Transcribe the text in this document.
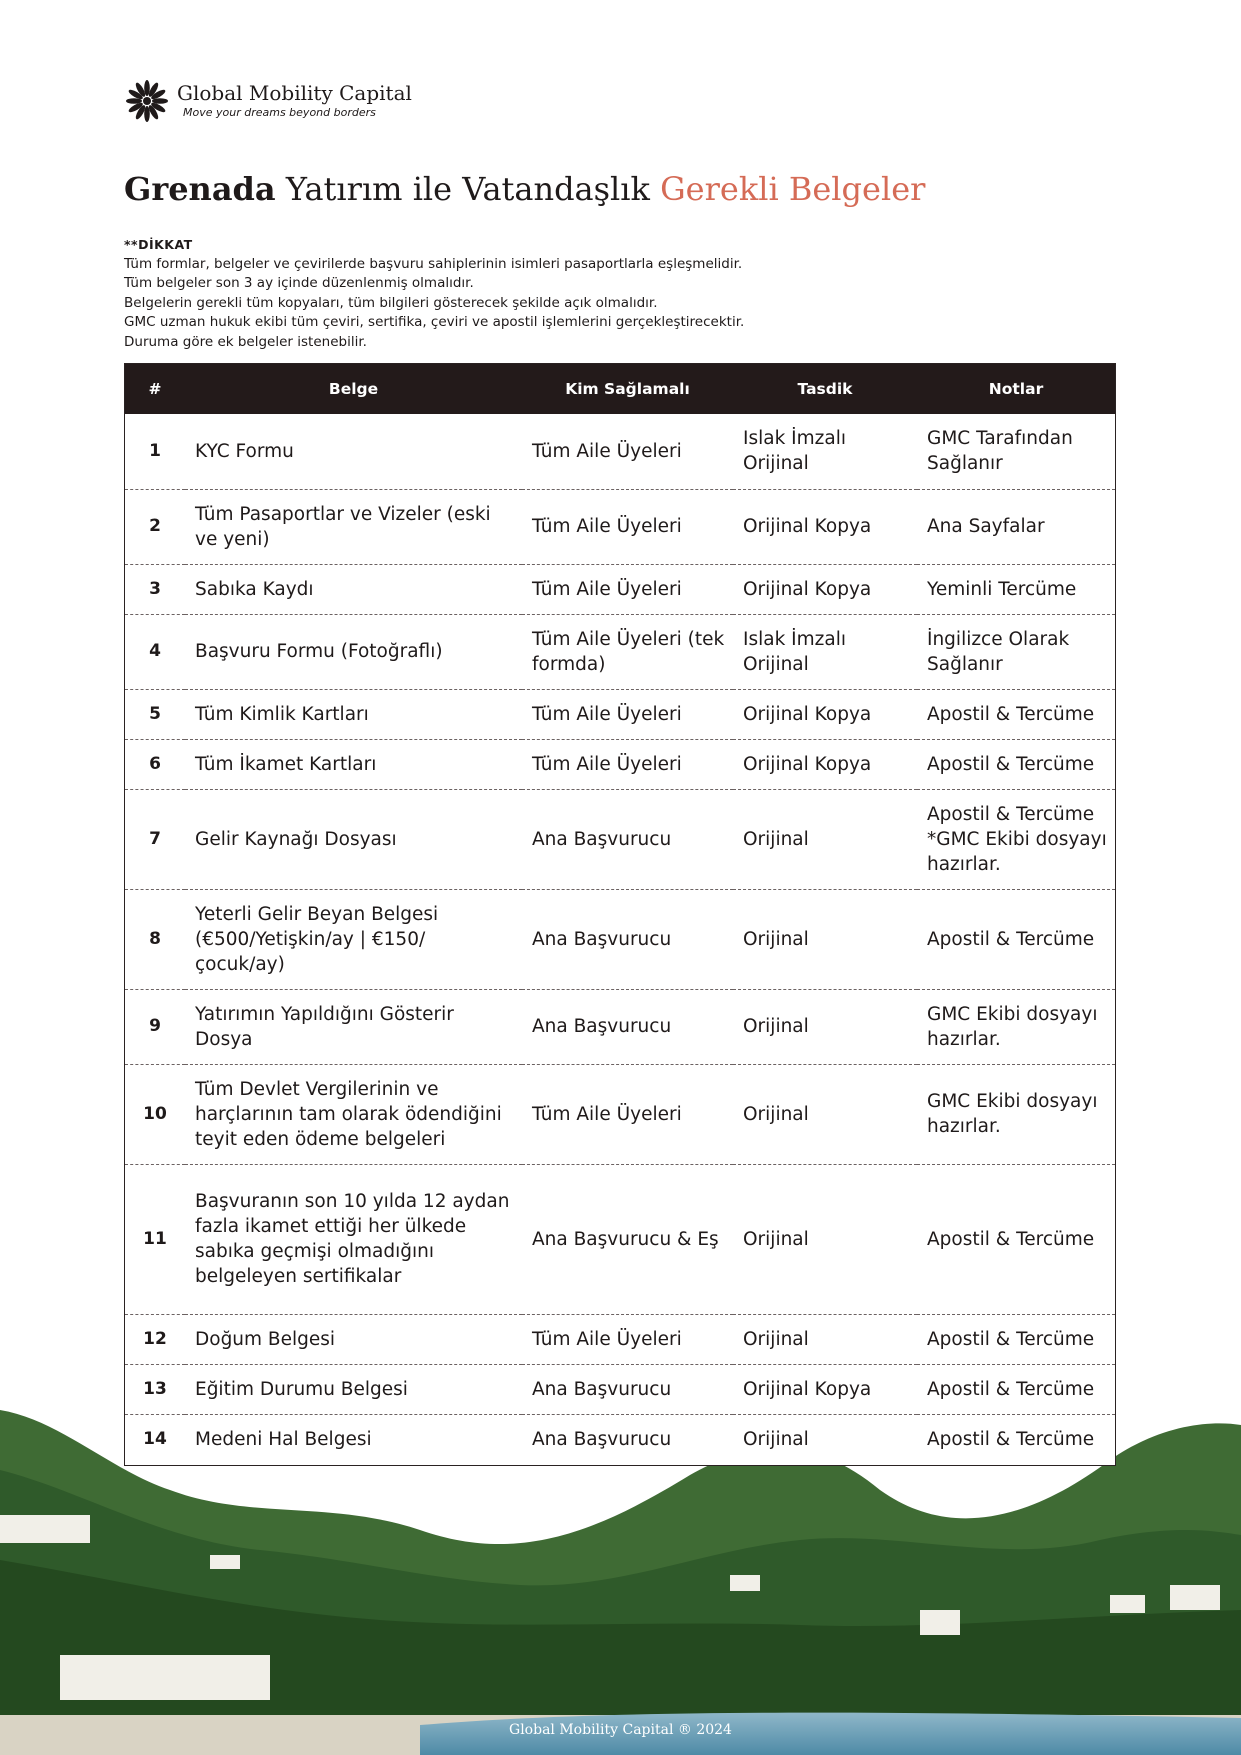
Global Mobility Capital
Move your dreams beyond borders
Grenada Yatırım ile Vatandaşlık Gerekli Belgeler
**DİKKAT
Tüm formlar, belgeler ve çevirilerde başvuru sahiplerinin isimleri pasaportlarla eşleşmelidir.
Tüm belgeler son 3 ay içinde düzenlenmiş olmalıdır.
Belgelerin gerekli tüm kopyaları, tüm bilgileri gösterecek şekilde açık olmalıdır.
GMC uzman hukuk ekibi tüm çeviri, sertifika, çeviri ve apostil işlemlerini gerçekleştirecektir.
Duruma göre ek belgeler istenebilir.
#	Belge	Kim Sağlamalı	Tasdik	Notlar
1	KYC Formu	Tüm Aile Üyeleri	Islak İmzalı Orijinal	GMC Tarafından Sağlanır
2	Tüm Pasaportlar ve Vizeler (eski ve yeni)	Tüm Aile Üyeleri	Orijinal Kopya	Ana Sayfalar
3	Sabıka Kaydı	Tüm Aile Üyeleri	Orijinal Kopya	Yeminli Tercüme
4	Başvuru Formu (Fotoğraflı)	Tüm Aile Üyeleri (tek formda)	Islak İmzalı Orijinal	İngilizce Olarak Sağlanır
5	Tüm Kimlik Kartları	Tüm Aile Üyeleri	Orijinal Kopya	Apostil & Tercüme
6	Tüm İkamet Kartları	Tüm Aile Üyeleri	Orijinal Kopya	Apostil & Tercüme
7	Gelir Kaynağı Dosyası	Ana Başvurucu	Orijinal	Apostil & Tercüme *GMC Ekibi dosyayı hazırlar.
8	Yeterli Gelir Beyan Belgesi (€500/Yetişkin/ay | €150/ çocuk/ay)	Ana Başvurucu	Orijinal	Apostil & Tercüme
9	Yatırımın Yapıldığını Gösterir Dosya	Ana Başvurucu	Orijinal	GMC Ekibi dosyayı hazırlar.
10	Tüm Devlet Vergilerinin ve harçlarının tam olarak ödendiğini teyit eden ödeme belgeleri	Tüm Aile Üyeleri	Orijinal	GMC Ekibi dosyayı hazırlar.
11	Başvuranın son 10 yılda 12 aydan fazla ikamet ettiği her ülkede sabıka geçmişi olmadığını belgeleyen sertifikalar	Ana Başvurucu & Eş	Orijinal	Apostil & Tercüme
12	Doğum Belgesi	Tüm Aile Üyeleri	Orijinal	Apostil & Tercüme
13	Eğitim Durumu Belgesi	Ana Başvurucu	Orijinal Kopya	Apostil & Tercüme
14	Medeni Hal Belgesi	Ana Başvurucu	Orijinal	Apostil & Tercüme
Global Mobility Capital ® 2024
